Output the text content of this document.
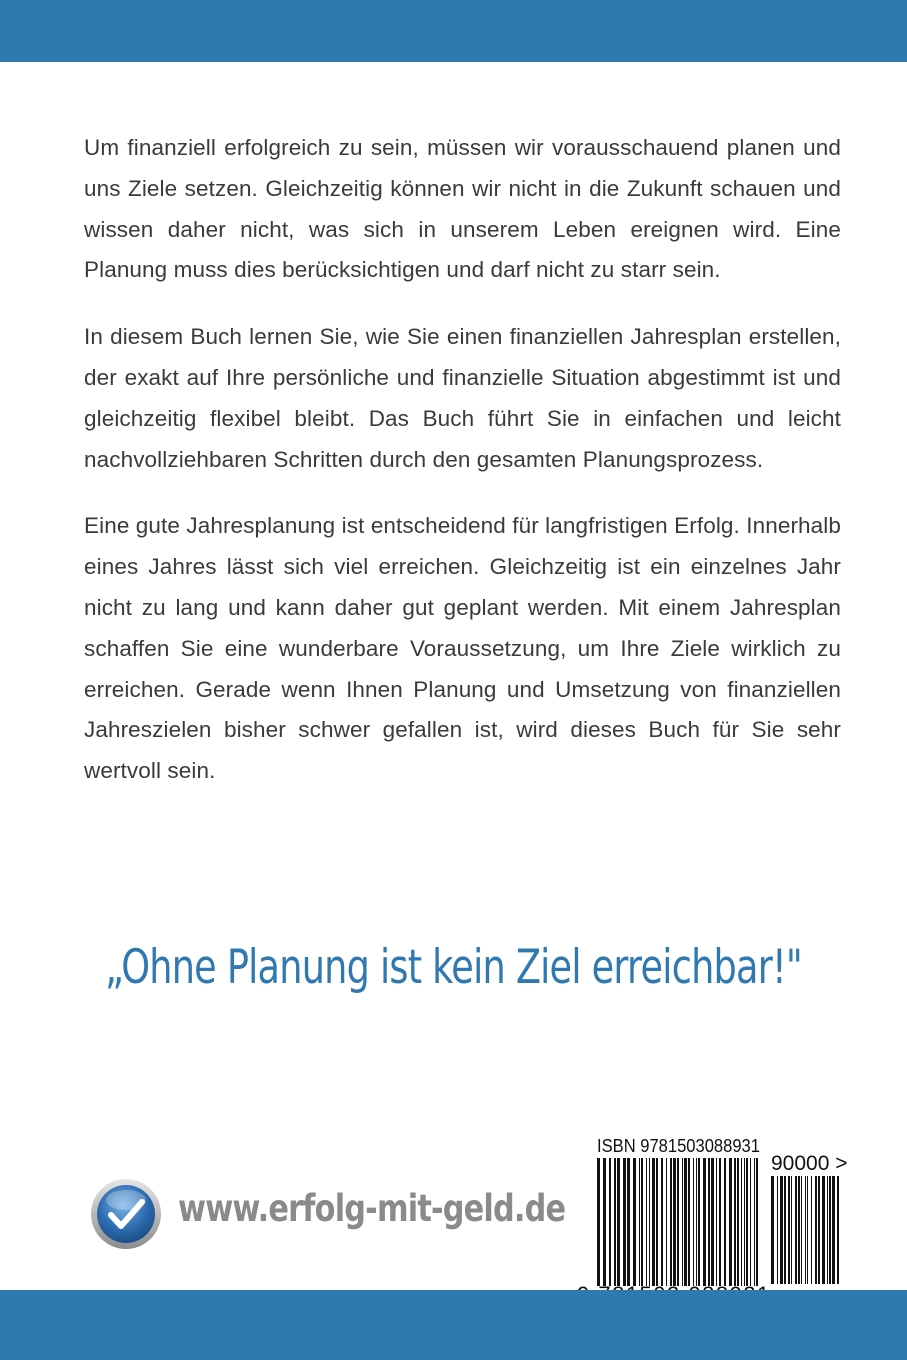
Um finanziell erfolgreich zu sein, müssen wir vorausschauend planen und uns Ziele setzen. Gleichzeitig können wir nicht in die Zukunft schauen und wissen daher nicht, was sich in unserem Leben ereignen wird. Eine Planung muss dies berücksichtigen und darf nicht zu starr sein.

In diesem Buch lernen Sie, wie Sie einen finanziellen Jahresplan erstellen, der exakt auf Ihre persönliche und finanzielle Situation abgestimmt ist und gleichzeitig flexibel bleibt. Das Buch führt Sie in einfachen und leicht nachvollziehbaren Schritten durch den gesamten Planungsprozess.

Eine gute Jahresplanung ist entscheidend für langfristigen Erfolg. Innerhalb eines Jahres lässt sich viel erreichen. Gleichzeitig ist ein einzelnes Jahr nicht zu lang und kann daher gut geplant werden. Mit einem Jahresplan schaffen Sie eine wunderbare Voraussetzung, um Ihre Ziele wirklich zu erreichen. Gerade wenn Ihnen Planung und Umsetzung von finanziellen Jahreszielen bisher schwer gefallen ist, wird dieses Buch für Sie sehr wertvoll sein.

„Ohne Planung ist kein Ziel erreichbar!"
www.erfolg-mit-geld.de
ISBN 9781503088931
90000 >
